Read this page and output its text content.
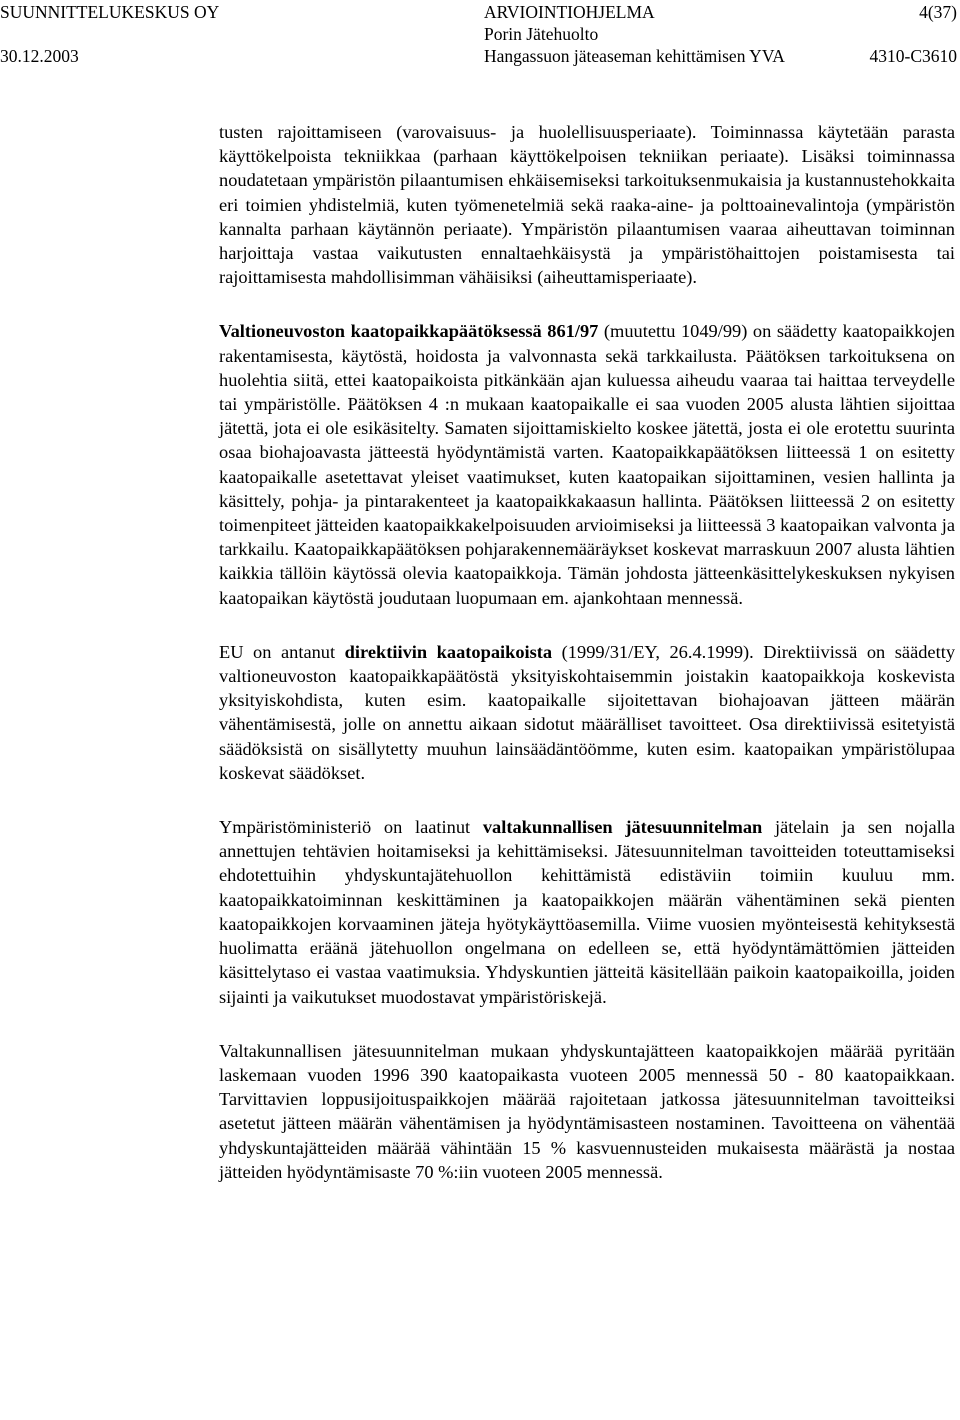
SUUNNITTELUKESKUS OY
30.12.2003
ARVIOINTIOHJELMA
Porin Jätehuolto
Hangassuon jäteaseman kehittämisen YVA
4(37)
4310-C3610

tusten rajoittamiseen (varovaisuus- ja huolellisuusperiaate). Toiminnassa käytetään parasta käyttökelpoista tekniikkaa (parhaan käyttökelpoisen tekniikan periaate). Lisäksi toiminnassa noudatetaan ympäristön pilaantumisen ehkäisemiseksi tarkoituksenmukaisia ja kustannustehokkaita eri toimien yhdistelmiä, kuten työmenetelmiä sekä raaka-aine- ja polttoainevalintoja (ympäristön kannalta parhaan käytännön periaate). Ympäristön pilaantumisen vaaraa aiheuttavan toiminnan harjoittaja vastaa vaikutusten ennaltaehkäisystä ja ympäristöhaittojen poistamisesta tai rajoittamisesta mahdollisimman vähäisiksi (aiheuttamisperiaate).

Valtioneuvoston kaatopaikkapäätöksessä 861/97 (muutettu 1049/99) on säädetty kaatopaikkojen rakentamisesta, käytöstä, hoidosta ja valvonnasta sekä tarkkailusta. Päätöksen tarkoituksena on huolehtia siitä, ettei kaatopaikoista pitkänkään ajan kuluessa aiheudu vaaraa tai haittaa terveydelle tai ympäristölle. Päätöksen 4 :n mukaan kaatopaikalle ei saa vuoden 2005 alusta lähtien sijoittaa jätettä, jota ei ole esikäsitelty. Samaten sijoittamiskielto koskee jätettä, josta ei ole erotettu suurinta osaa biohajoavasta jätteestä hyödyntämistä varten. Kaatopaikkapäätöksen liitteessä 1 on esitetty kaatopaikalle asetettavat yleiset vaatimukset, kuten kaatopaikan sijoittaminen, vesien hallinta ja käsittely, pohja- ja pintarakenteet ja kaatopaikkakaasun hallinta. Päätöksen liitteessä 2 on esitetty toimenpiteet jätteiden kaatopaikkakelpoisuuden arvioimiseksi ja liitteessä 3 kaatopaikan valvonta ja tarkkailu. Kaatopaikkapäätöksen pohjarakennemääräykset koskevat marraskuun 2007 alusta lähtien kaikkia tällöin käytössä olevia kaatopaikkoja. Tämän johdosta jätteenkäsittelykeskuksen nykyisen kaatopaikan käytöstä joudutaan luopumaan em. ajankohtaan mennessä.

EU on antanut direktiivin kaatopaikoista (1999/31/EY, 26.4.1999). Direktiivissä on säädetty valtioneuvoston kaatopaikkapäätöstä yksityiskohtaisemmin joistakin kaatopaikkoja koskevista yksityiskohdista, kuten esim. kaatopaikalle sijoitettavan biohajoavan jätteen määrän vähentämisestä, jolle on annettu aikaan sidotut määrälliset tavoitteet. Osa direktiivissä esitetyistä säädöksistä on sisällytetty muuhun lainsäädäntöömme, kuten esim. kaatopaikan ympäristölupaa koskevat säädökset.

Ympäristöministeriö on laatinut valtakunnallisen jätesuunnitelman jätelain ja sen nojalla annettujen tehtävien hoitamiseksi ja kehittämiseksi. Jätesuunnitelman tavoitteiden toteuttamiseksi ehdotettuihin yhdyskuntajätehuollon kehittämistä edistäviin toimiin kuuluu mm. kaatopaikkatoiminnan keskittäminen ja kaatopaikkojen määrän vähentäminen sekä pienten kaatopaikkojen korvaaminen jäteja hyötykäyttöasemilla. Viime vuosien myönteisestä kehityksestä huolimatta eräänä jätehuollon ongelmana on edelleen se, että hyödyntämättömien jätteiden käsittelytaso ei vastaa vaatimuksia. Yhdyskuntien jätteitä käsitellään paikoin kaatopaikoilla, joiden sijainti ja vaikutukset muodostavat ympäristöriskejä.

Valtakunnallisen jätesuunnitelman mukaan yhdyskuntajätteen kaatopaikkojen määrää pyritään laskemaan vuoden 1996 390 kaatopaikasta vuoteen 2005 mennessä 50 - 80 kaatopaikkaan. Tarvittavien loppusijoituspaikkojen määrää rajoitetaan jatkossa jätesuunnitelman tavoitteiksi asetetut jätteen määrän vähentämisen ja hyödyntämisasteen nostaminen. Tavoitteena on vähentää yhdyskuntajätteiden määrää vähintään 15 % kasvuennusteiden mukaisesta määrästä ja nostaa jätteiden hyödyntämisaste 70 %:iin vuoteen 2005 mennessä.
